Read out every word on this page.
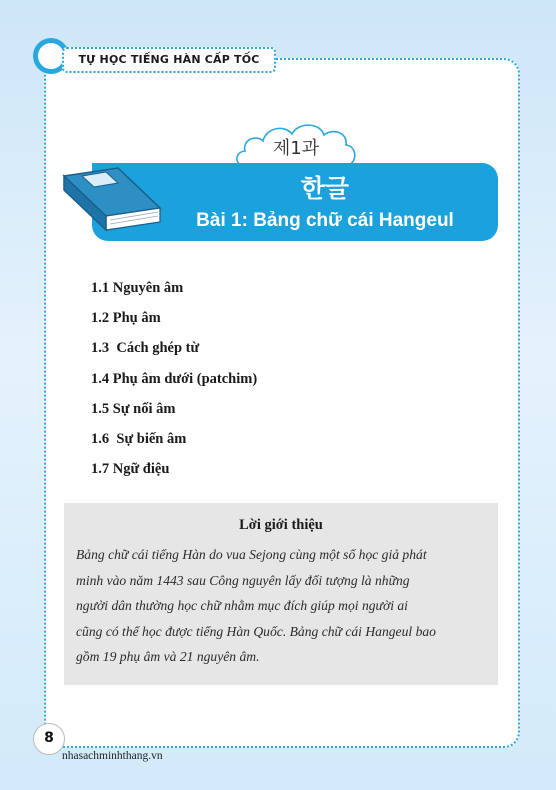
TỰ HỌC TIẾNG HÀN CẤP TỐC
제1과
한글
Bài 1: Bảng chữ cái Hangeul
1.1 Nguyên âm
1.2 Phụ âm
1.3  Cách ghép từ
1.4 Phụ âm dưới (patchim)
1.5 Sự nối âm
1.6  Sự biến âm
1.7 Ngữ điệu
Lời giới thiệu
Bảng chữ cái tiếng Hàn do vua Sejong cùng một số học giả phát
minh vào năm 1443 sau Công nguyên lấy đối tượng là những
người dân thường học chữ nhằm mục đích giúp mọi người ai
cũng có thể học được tiếng Hàn Quốc. Bảng chữ cái Hangeul bao
gồm 19 phụ âm và 21 nguyên âm.
8
nhasachminhthang.vn
